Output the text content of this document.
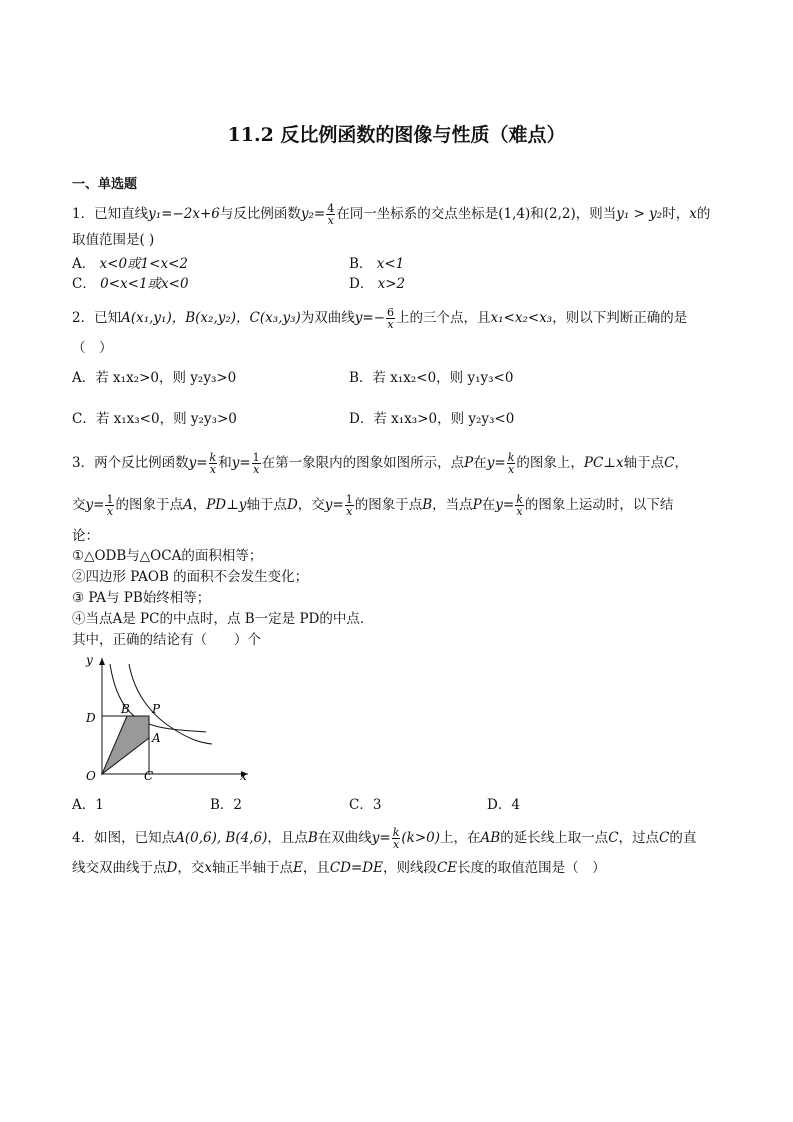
11.2 反比例函数的图像与性质（难点）
一、单选题
1．已知直线y₁=−2x+6与反比例函数$y_2= \frac{4}{x}$ 在同一坐标系的交点坐标是(1,4)和(2,2)，则当y₁ > y₂时，x的
取值范围是( )
A． x<0或1<x<2	B． x<1
C． 0<x<1或x<0	D． x>2
2．已知A(x₁,y₁)，B(x₂,y₂)，C(x₃,y₃)为双曲线$y=- \frac{6}{x}$ 上的三个点，且x₁<x₂<x₃，则以下判断正确的是
（　）
A．若 x₁x₂>0，则 y₂y₃>0	B．若 x₁x₂<0，则 y₁y₃<0
C．若 x₁x₃<0，则 y₂y₃>0	D．若 x₁x₃>0，则 y₂y₃<0
3．两个反比例函数$y= \frac{k}{x}$ 和$y= \frac{1}{x}$ 在第一象限内的图象如图所示，点P在$y= \frac{k}{x}$ 的图象上，PC⊥x轴于点C，
交$y= \frac{1}{x}$ 的图象于点A，PD⊥y轴于点D，交$y= \frac{1}{x}$ 的图象于点B，当点P在$y= \frac{k}{x}$ 的图象上运动时，以下结
论：
①△ODB与△OCA的面积相等；
②四边形 PAOB 的面积不会发生变化；
③ PA与 PB始终相等；
④当点A是 PC的中点时，点 B一定是 PD的中点．
其中，正确的结论有（　　）个
y
x
O	C
D
B P
A
A．1	B．2	C．3	D．4
4．如图，已知点A(0,6), B(4,6)，且点B在双曲线$y= \frac{k}{x} (k>0)$上，在AB的延长线上取一点C，过点C的直
线交双曲线于点D，交x轴正半轴于点E，且CD=DE，则线段CE长度的取值范围是（　）
